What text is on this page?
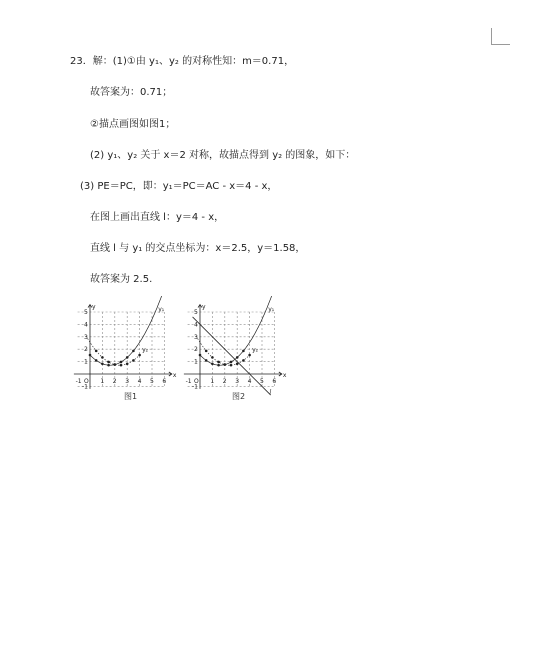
23．解：(1)①由 y₁、y₂ 的对称性知：m＝0.71，
故答案为：0.71；
②描点画图如图1；
(2) y₁、y₂ 关于 x＝2 对称，故描点得到 y₂ 的图象，如下：
(3) PE＝PC，即：y₁＝PC＝AC - x＝4 - x，
在图上画出直线 l：y＝4 - x，
直线 l 与 y₁ 的交点坐标为：x＝2.5，y＝1.58，
故答案为 2.5.
-1 O 1 2 3 4 5 6
5
4
3
2
1
-1
x
y	y₁
y₂
图1
-1 O 1 2 3 4 5 6
5
4
3
2
1
-1
x
y	y₁
y₂
l
图2
